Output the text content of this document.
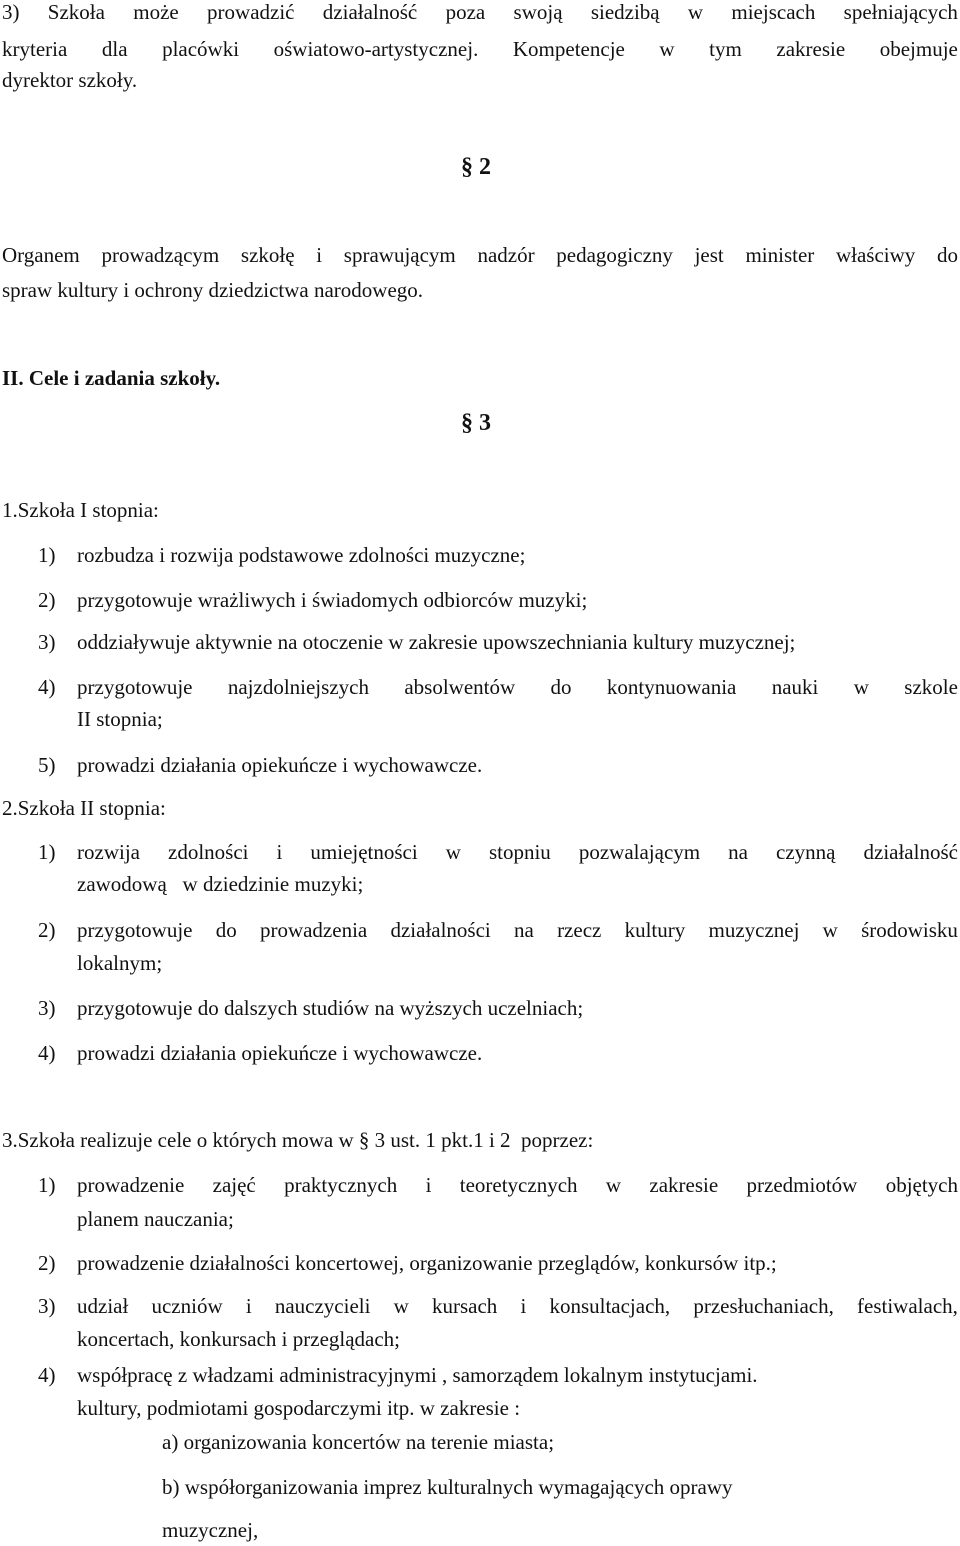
3) Szkoła może prowadzić działalność poza swoją siedzibą w miejscach spełniających
kryteria dla placówki oświatowo-artystycznej. Kompetencje w tym zakresie obejmuje
dyrektor szkoły.
§ 2
Organem prowadzącym szkołę i sprawującym nadzór pedagogiczny jest minister właściwy do
spraw kultury i ochrony dziedzictwa narodowego.
II. Cele i zadania szkoły.
§ 3
1.Szkoła I stopnia:
1) rozbudza i rozwija podstawowe zdolności muzyczne;
2) przygotowuje wrażliwych i świadomych odbiorców muzyki;
3) oddziaływuje aktywnie na otoczenie w zakresie upowszechniania kultury muzycznej;
4) przygotowuje najzdolniejszych absolwentów do kontynuowania nauki w szkole
II stopnia;
5) prowadzi działania opiekuńcze i wychowawcze.
2.Szkoła II stopnia:
1) rozwija zdolności i umiejętności w stopniu pozwalającym na czynną działalność
zawodową   w dziedzinie muzyki;
2) przygotowuje do prowadzenia działalności na rzecz kultury muzycznej w środowisku
lokalnym;
3) przygotowuje do dalszych studiów na wyższych uczelniach;
4) prowadzi działania opiekuńcze i wychowawcze.
3.Szkoła realizuje cele o których mowa w § 3 ust. 1 pkt.1 i 2  poprzez:
1) prowadzenie zajęć praktycznych i teoretycznych w zakresie przedmiotów objętych
planem nauczania;
2) prowadzenie działalności koncertowej, organizowanie przeglądów, konkursów itp.;
3) udział uczniów i nauczycieli w kursach i konsultacjach, przesłuchaniach, festiwalach,
koncertach, konkursach i przeglądach;
4) współpracę z władzami administracyjnymi , samorządem lokalnym instytucjami.
kultury, podmiotami gospodarczymi itp. w zakresie :
a) organizowania koncertów na terenie miasta;
b) współorganizowania imprez kulturalnych wymagających oprawy
muzycznej,
